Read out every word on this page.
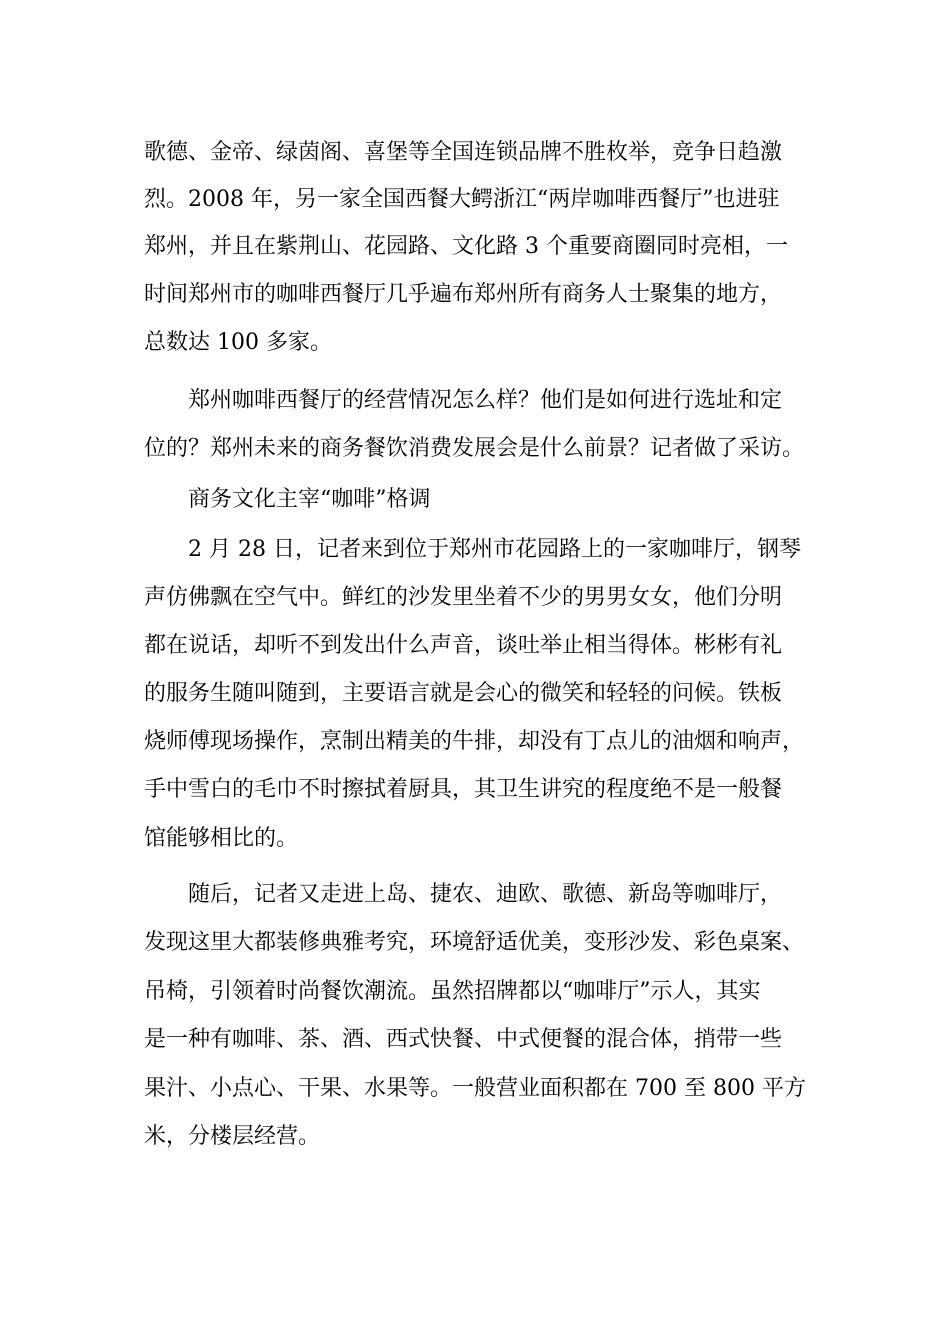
歌德、金帝、绿茵阁、喜堡等全国连锁品牌不胜枚举，竞争日趋激
烈。2008 年，另一家全国西餐大鳄浙江“两岸咖啡西餐厅”也进驻
郑州，并且在紫荆山、花园路、文化路 3 个重要商圈同时亮相，一
时间郑州市的咖啡西餐厅几乎遍布郑州所有商务人士聚集的地方，
总数达 100 多家。
郑州咖啡西餐厅的经营情况怎么样？他们是如何进行选址和定
位的？郑州未来的商务餐饮消费发展会是什么前景？记者做了采访。
商务文化主宰“咖啡”格调
2 月 28 日，记者来到位于郑州市花园路上的一家咖啡厅，钢琴
声仿佛飘在空气中。鲜红的沙发里坐着不少的男男女女，他们分明
都在说话，却听不到发出什么声音，谈吐举止相当得体。彬彬有礼
的服务生随叫随到，主要语言就是会心的微笑和轻轻的问候。铁板
烧师傅现场操作，烹制出精美的牛排，却没有丁点儿的油烟和响声，
手中雪白的毛巾不时擦拭着厨具，其卫生讲究的程度绝不是一般餐
馆能够相比的。
随后，记者又走进上岛、捷农、迪欧、歌德、新岛等咖啡厅，
发现这里大都装修典雅考究，环境舒适优美，变形沙发、彩色桌案、
吊椅，引领着时尚餐饮潮流。虽然招牌都以“咖啡厅”示人，其实
是一种有咖啡、茶、酒、西式快餐、中式便餐的混合体，捎带一些
果汁、小点心、干果、水果等。一般营业面积都在 700 至 800 平方
米，分楼层经营。
